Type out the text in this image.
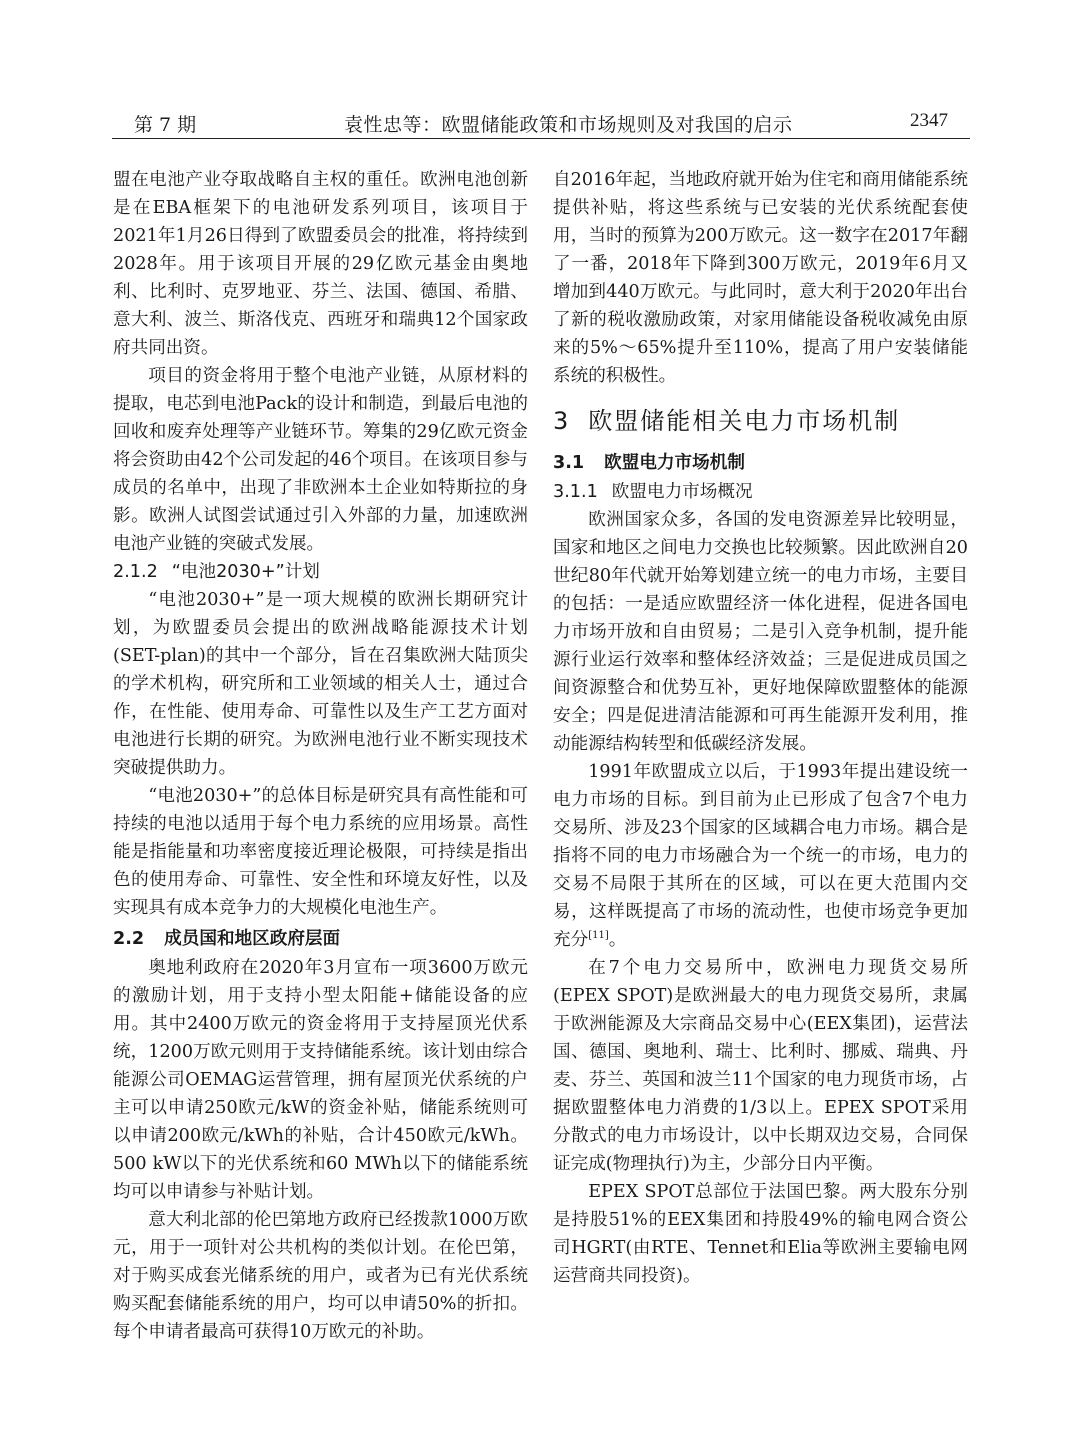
第 7 期	袁性忠等：欧盟储能政策和市场规则及对我国的启示	2347

盟在电池产业夺取战略自主权的重任。欧洲电池创新是在EBA框架下的电池研发系列项目，该项目于2021年1月26日得到了欧盟委员会的批准，将持续到2028年。用于该项目开展的29亿欧元基金由奥地利、比利时、克罗地亚、芬兰、法国、德国、希腊、意大利、波兰、斯洛伐克、西班牙和瑞典12个国家政府共同出资。

项目的资金将用于整个电池产业链，从原材料的提取，电芯到电池Pack的设计和制造，到最后电池的回收和废弃处理等产业链环节。筹集的29亿欧元资金将会资助由42个公司发起的46个项目。在该项目参与成员的名单中，出现了非欧洲本土企业如特斯拉的身影。欧洲人试图尝试通过引入外部的力量，加速欧洲电池产业链的突破式发展。

2.1.2 “电池2030+”计划

“电池2030+”是一项大规模的欧洲长期研究计划，为欧盟委员会提出的欧洲战略能源技术计划(SET-plan)的其中一个部分，旨在召集欧洲大陆顶尖的学术机构，研究所和工业领域的相关人士，通过合作，在性能、使用寿命、可靠性以及生产工艺方面对电池进行长期的研究。为欧洲电池行业不断实现技术突破提供助力。

“电池2030+”的总体目标是研究具有高性能和可持续的电池以适用于每个电力系统的应用场景。高性能是指能量和功率密度接近理论极限，可持续是指出色的使用寿命、可靠性、安全性和环境友好性，以及实现具有成本竞争力的大规模化电池生产。

2.2 成员国和地区政府层面

奥地利政府在2020年3月宣布一项3600万欧元的激励计划，用于支持小型太阳能+储能设备的应用。其中2400万欧元的资金将用于支持屋顶光伏系统，1200万欧元则用于支持储能系统。该计划由综合能源公司OEMAG运营管理，拥有屋顶光伏系统的户主可以申请250欧元/kW的资金补贴，储能系统则可以申请200欧元/kWh的补贴，合计450欧元/kWh。500 kW以下的光伏系统和60 MWh以下的储能系统均可以申请参与补贴计划。

意大利北部的伦巴第地方政府已经拨款1000万欧元，用于一项针对公共机构的类似计划。在伦巴第，对于购买成套光储系统的用户，或者为已有光伏系统购买配套储能系统的用户，均可以申请50%的折扣。每个申请者最高可获得10万欧元的补助。

自2016年起，当地政府就开始为住宅和商用储能系统提供补贴，将这些系统与已安装的光伏系统配套使用，当时的预算为200万欧元。这一数字在2017年翻了一番，2018年下降到300万欧元，2019年6月又增加到440万欧元。与此同时，意大利于2020年出台了新的税收激励政策，对家用储能设备税收减免由原来的5%～65%提升至110%，提高了用户安装储能系统的积极性。

3 欧盟储能相关电力市场机制

3.1 欧盟电力市场机制

3.1.1 欧盟电力市场概况

欧洲国家众多，各国的发电资源差异比较明显，国家和地区之间电力交换也比较频繁。因此欧洲自20世纪80年代就开始筹划建立统一的电力市场，主要目的包括：一是适应欧盟经济一体化进程，促进各国电力市场开放和自由贸易；二是引入竞争机制，提升能源行业运行效率和整体经济效益；三是促进成员国之间资源整合和优势互补，更好地保障欧盟整体的能源安全；四是促进清洁能源和可再生能源开发利用，推动能源结构转型和低碳经济发展。

1991年欧盟成立以后，于1993年提出建设统一电力市场的目标。到目前为止已形成了包含7个电力交易所、涉及23个国家的区域耦合电力市场。耦合是指将不同的电力市场融合为一个统一的市场，电力的交易不局限于其所在的区域，可以在更大范围内交易，这样既提高了市场的流动性，也使市场竞争更加充分[11]。

在7个电力交易所中，欧洲电力现货交易所(EPEX SPOT)是欧洲最大的电力现货交易所，隶属于欧洲能源及大宗商品交易中心(EEX集团)，运营法国、德国、奥地利、瑞士、比利时、挪威、瑞典、丹麦、芬兰、英国和波兰11个国家的电力现货市场，占据欧盟整体电力消费的1/3以上。EPEX SPOT采用分散式的电力市场设计，以中长期双边交易，合同保证完成(物理执行)为主，少部分日内平衡。

EPEX SPOT总部位于法国巴黎。两大股东分别是持股51%的EEX集团和持股49%的输电网合资公司HGRT(由RTE、Tennet和Elia等欧洲主要输电网运营商共同投资)。
